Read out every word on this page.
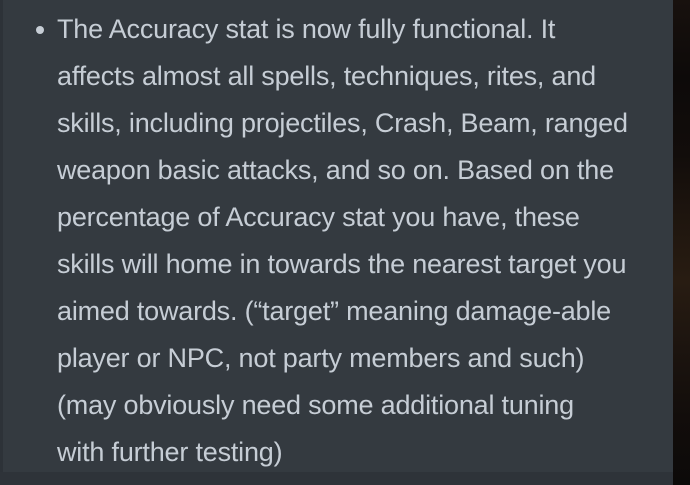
The Accuracy stat is now fully functional. It
affects almost all spells, techniques, rites, and
skills, including projectiles, Crash, Beam, ranged
weapon basic attacks, and so on. Based on the
percentage of Accuracy stat you have, these
skills will home in towards the nearest target you
aimed towards. (“target” meaning damage-able
player or NPC, not party members and such)
(may obviously need some additional tuning
with further testing)
